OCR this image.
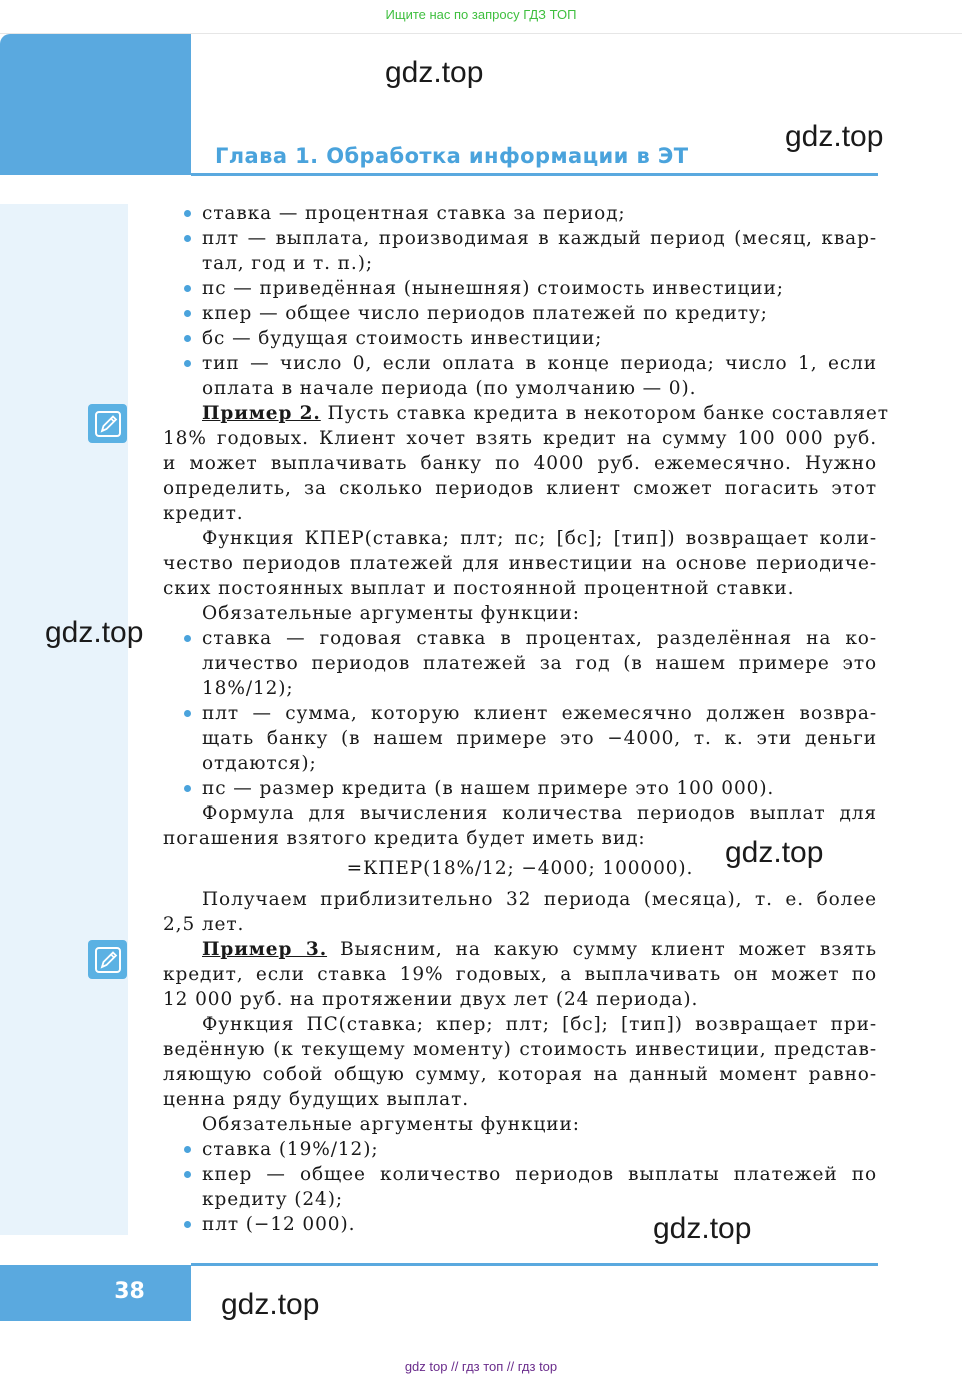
Ищите нас по запросу ГДЗ ТОП
Глава 1. Обработка информации в ЭТ
ставка — процентная ставка за период;
плт — выплата, производимая в каждый период (месяц, квар-
тал, год и т. п.);
пс — приведённая (нынешняя) стоимость инвестиции;
кпер — общее число периодов платежей по кредиту;
бс — будущая стоимость инвестиции;
тип — число 0, если оплата в конце периода; число 1, если
оплата в начале периода (по умолчанию — 0).
Пример 2. Пусть ставка кредита в некотором банке составляет
18% годовых. Клиент хочет взять кредит на сумму 100 000 руб.
и может выплачивать банку по 4000 руб. ежемесячно. Нужно
определить, за сколько периодов клиент сможет погасить этот
кредит.
Функция КПЕР(ставка; плт; пс; [бс]; [тип]) возвращает коли-
чество периодов платежей для инвестиции на основе периодиче-
ских постоянных выплат и постоянной процентной ставки.
Обязательные аргументы функции:
ставка — годовая ставка в процентах, разделённая на ко-
личество периодов платежей за год (в нашем примере это
18%/12);
плт — сумма, которую клиент ежемесячно должен возвра-
щать банку (в нашем примере это −4000, т. к. эти деньги
отдаются);
пс — размер кредита (в нашем примере это 100 000).
Формула для вычисления количества периодов выплат для
погашения взятого кредита будет иметь вид:
=КПЕР(18%/12; −4000; 100000).
Получаем приблизительно 32 периода (месяца), т. е. более
2,5 лет.
Пример 3. Выясним, на какую сумму клиент может взять
кредит, если ставка 19% годовых, а выплачивать он может по
12 000 руб. на протяжении двух лет (24 периода).
Функция ПС(ставка; кпер; плт; [бс]; [тип]) возвращает при-
ведённую (к текущему моменту) стоимость инвестиции, представ-
ляющую собой общую сумму, которая на данный момент равно-
ценна ряду будущих выплат.
Обязательные аргументы функции:
ставка (19%/12);
кпер — общее количество периодов выплаты платежей по
кредиту (24);
плт (−12 000).
gdz.top
gdz.top
gdz.top
gdz.top
gdz.top
gdz.top
38
gdz top // гдз топ // гдз top
